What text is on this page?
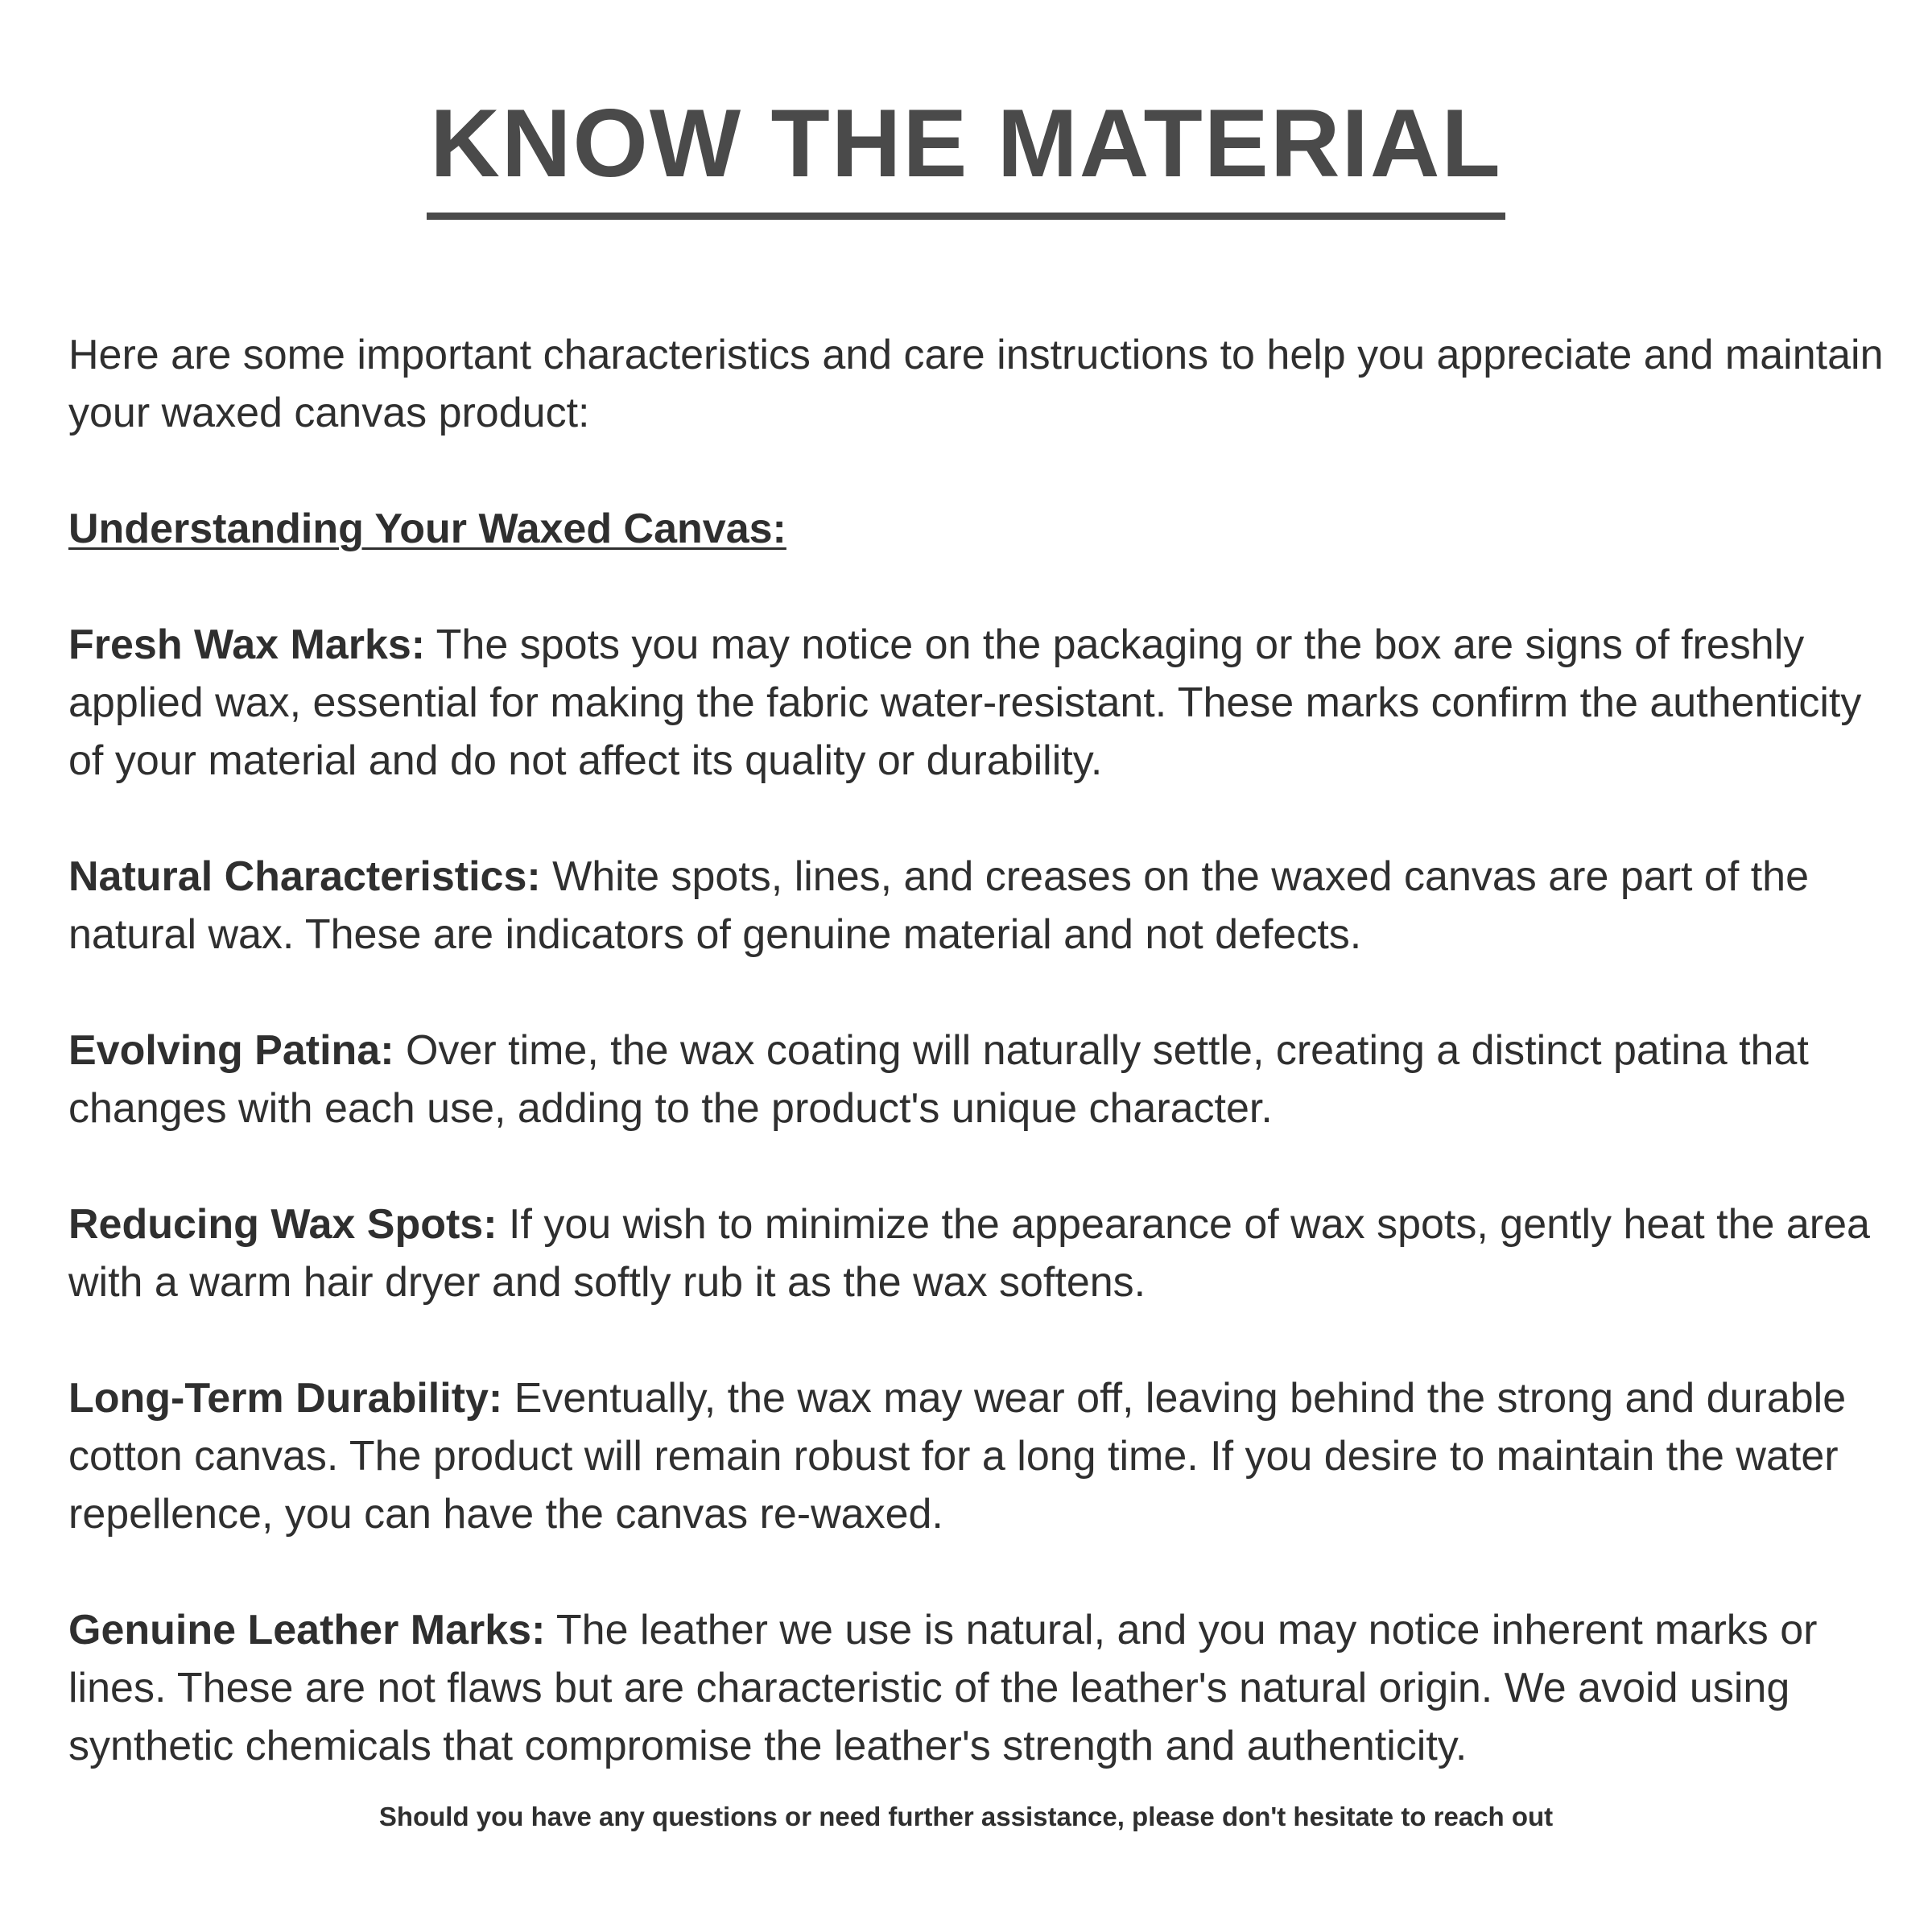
KNOW THE MATERIAL

Here are some important characteristics and care instructions to help you appreciate and maintain your waxed canvas product:

Understanding Your Waxed Canvas:

Fresh Wax Marks: The spots you may notice on the packaging or the box are signs of freshly applied wax, essential for making the fabric water-resistant. These marks confirm the authenticity of your material and do not affect its quality or durability.

Natural Characteristics: White spots, lines, and creases on the waxed canvas are part of the natural wax. These are indicators of genuine material and not defects.

Evolving Patina: Over time, the wax coating will naturally settle, creating a distinct patina that changes with each use, adding to the product's unique character.

Reducing Wax Spots: If you wish to minimize the appearance of wax spots, gently heat the area with a warm hair dryer and softly rub it as the wax softens.

Long-Term Durability: Eventually, the wax may wear off, leaving behind the strong and durable cotton canvas. The product will remain robust for a long time. If you desire to maintain the water repellence, you can have the canvas re-waxed.

Genuine Leather Marks: The leather we use is natural, and you may notice inherent marks or lines. These are not flaws but are characteristic of the leather's natural origin. We avoid using synthetic chemicals that compromise the leather's strength and authenticity.

Should you have any questions or need further assistance, please don't hesitate to reach out
